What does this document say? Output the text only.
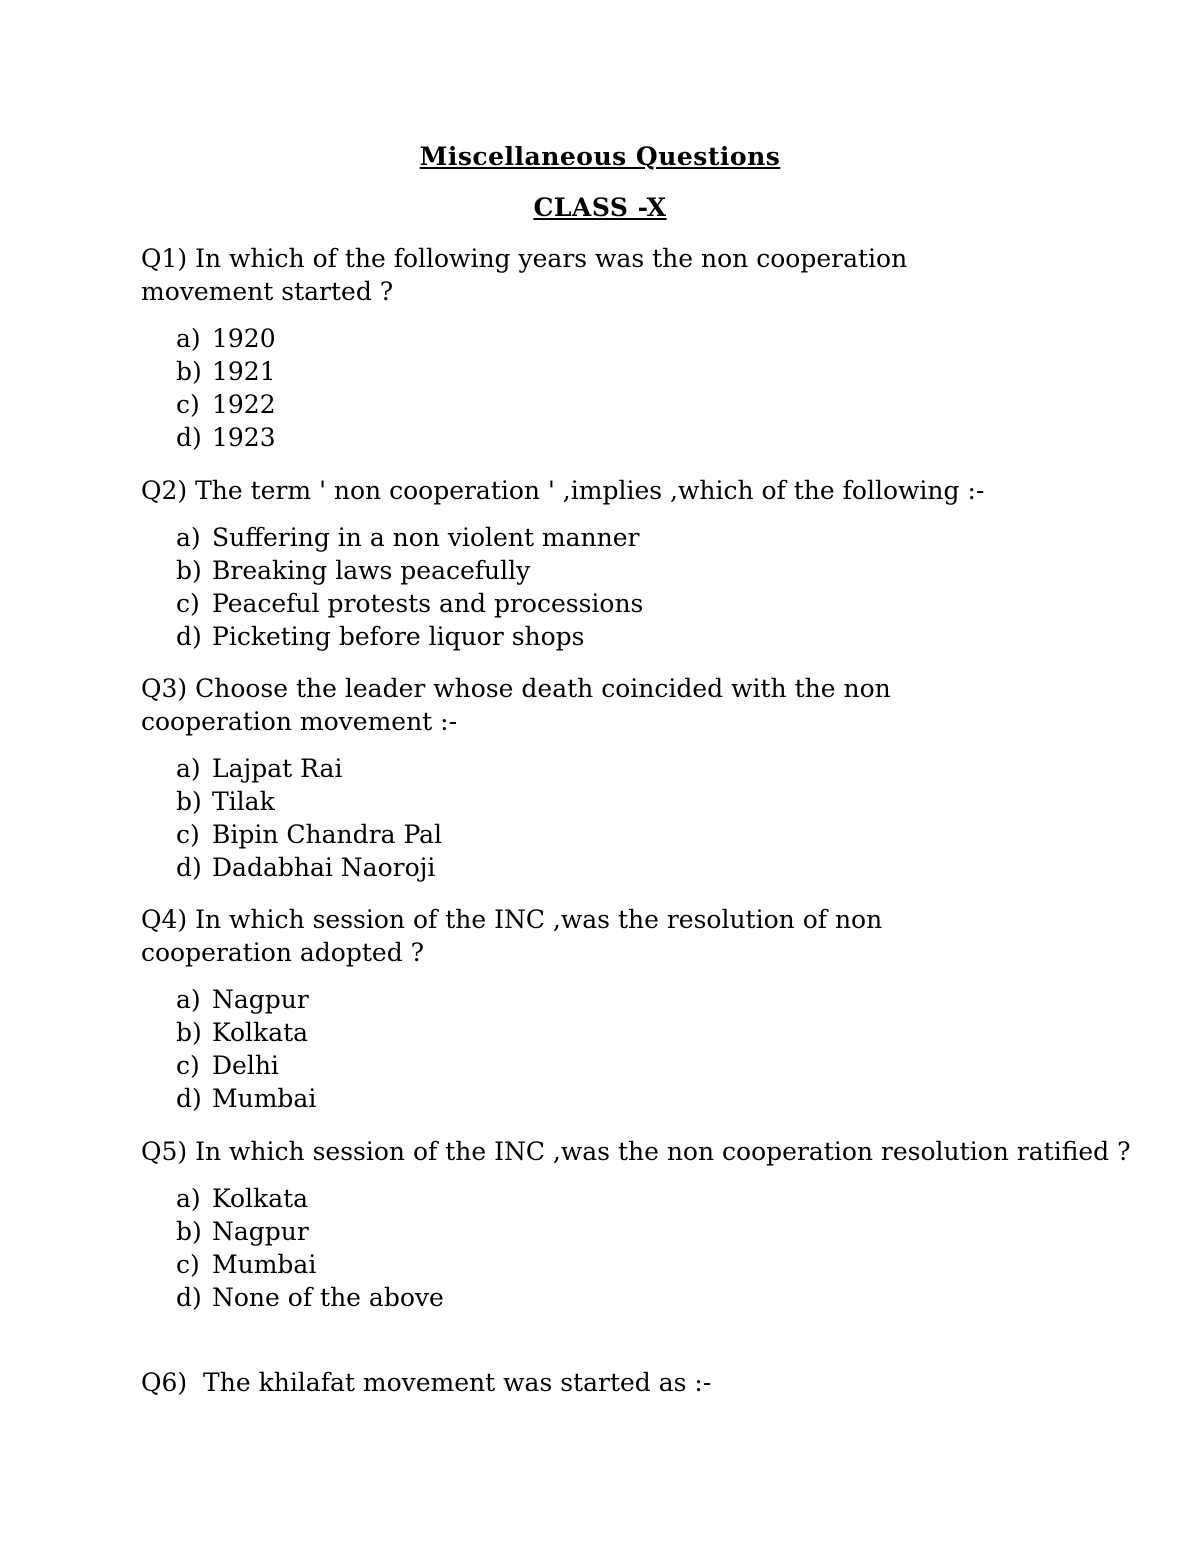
Miscellaneous Questions
CLASS -X

Q1) In which of the following years was the non cooperation movement started ?

a) 1920
b) 1921
c) 1922
d) 1923

Q2) The term ' non cooperation ' ,implies ,which of the following :-

a) Suffering in a non violent manner
b) Breaking laws peacefully
c) Peaceful protests and processions
d) Picketing before liquor shops

Q3) Choose the leader whose death coincided with the non cooperation movement :-

a) Lajpat Rai
b) Tilak
c) Bipin Chandra Pal
d) Dadabhai Naoroji

Q4) In which session of the INC ,was the resolution of non cooperation adopted ?

a) Nagpur
b) Kolkata
c) Delhi
d) Mumbai

Q5) In which session of the INC ,was the non cooperation resolution ratified ?

a) Kolkata
b) Nagpur
c) Mumbai
d) None of the above

Q6)  The khilafat movement was started as :-
